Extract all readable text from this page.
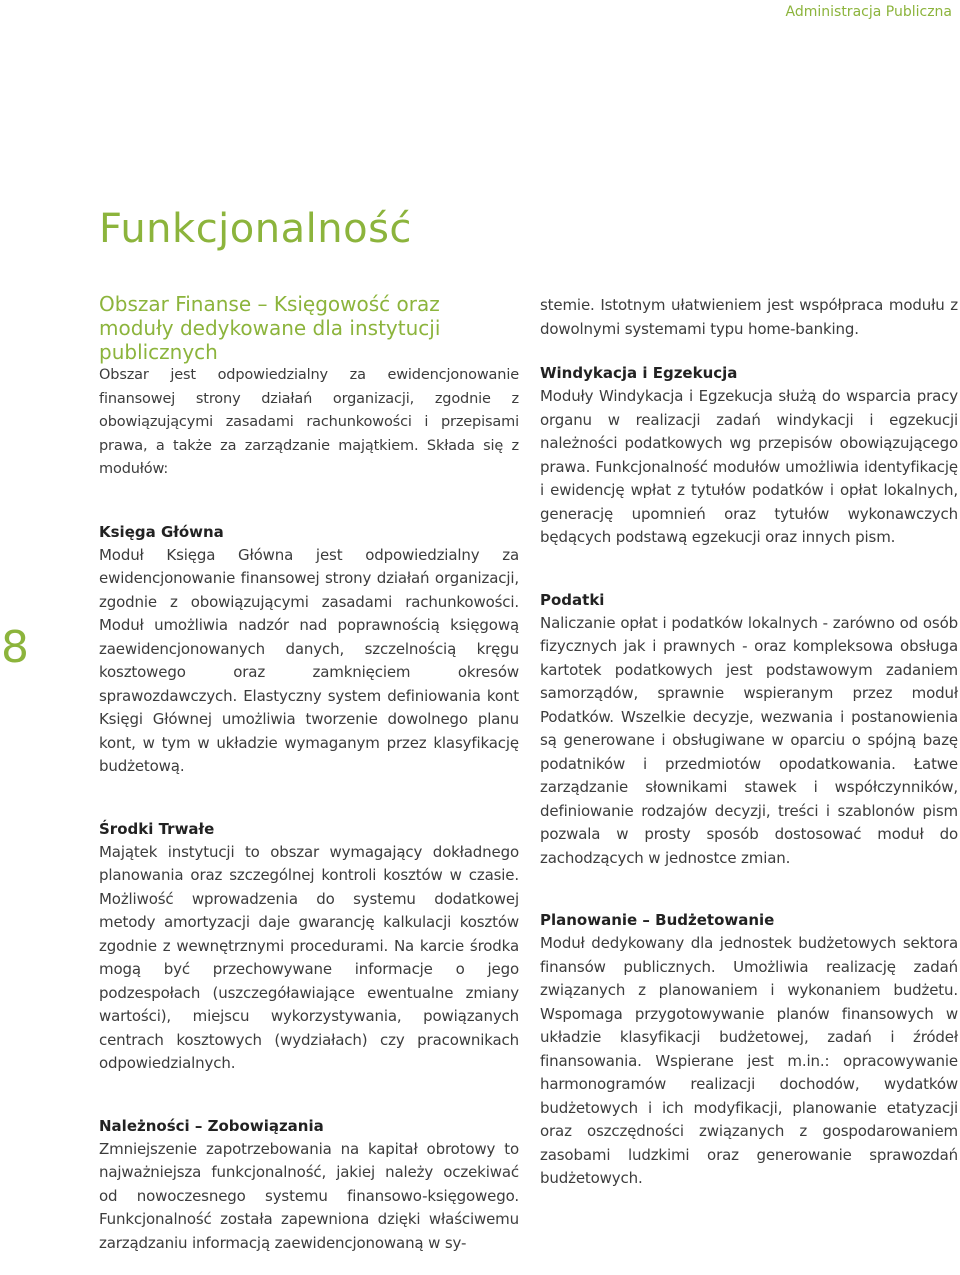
Administracja Publiczna
8
Funkcjonalność
Obszar Finanse – Księgowość oraz moduły dedykowane dla instytucji publicznych

Obszar jest odpowiedzialny za ewidencjonowanie finansowej strony działań organizacji, zgodnie z obowiązującymi zasadami rachunkowości i przepisami prawa, a także za zarządzanie majątkiem. Składa się z modułów:

Księga Główna

Moduł Księga Główna jest odpowiedzialny za ewidencjonowanie finansowej strony działań organizacji, zgodnie z obowiązującymi zasadami rachunkowości. Moduł umożliwia nadzór nad poprawnością księgową zaewidencjonowanych danych, szczelnością kręgu kosztowego oraz zamknięciem okresów sprawozdawczych. Elastyczny system definiowania kont Księgi Głównej umożliwia tworzenie dowolnego planu kont, w tym w układzie wymaganym przez klasyfikację budżetową.

Środki Trwałe

Majątek instytucji to obszar wymagający dokładnego planowania oraz szczególnej kontroli kosztów w czasie. Możliwość wprowadzenia do systemu dodatkowej metody amortyzacji daje gwarancję kalkulacji kosztów zgodnie z wewnętrznymi procedurami. Na karcie środka mogą być przechowywane informacje o jego podzespołach (uszczegóławiające ewentualne zmiany wartości), miejscu wykorzystywania, powiązanych centrach kosztowych (wydziałach) czy pracownikach odpowiedzialnych.

Należności – Zobowiązania

Zmniejszenie zapotrzebowania na kapitał obrotowy to najważniejsza funkcjonalność, jakiej należy oczekiwać od nowoczesnego systemu finansowo-księgowego. Funkcjonalność została zapewniona dzięki właściwemu zarządzaniu informacją zaewidencjonowaną w sy-

stemie. Istotnym ułatwieniem jest współpraca modułu z dowolnymi systemami typu home-banking.

Windykacja i Egzekucja

Moduły Windykacja i Egzekucja służą do wsparcia pracy organu w realizacji zadań windykacji i egzekucji należności podatkowych wg przepisów obowiązującego prawa. Funkcjonalność modułów umożliwia identyfikację i ewidencję wpłat z tytułów podatków i opłat lokalnych, generację upomnień oraz tytułów wykonawczych będących podstawą egzekucji oraz innych pism.

Podatki

Naliczanie opłat i podatków lokalnych - zarówno od osób fizycznych jak i prawnych - oraz kompleksowa obsługa kartotek podatkowych jest podstawowym zadaniem samorządów, sprawnie wspieranym przez moduł Podatków. Wszelkie decyzje, wezwania i postanowienia są generowane i obsługiwane w oparciu o spójną bazę podatników i przedmiotów opodatkowania. Łatwe zarządzanie słownikami stawek i współczynników, definiowanie rodzajów decyzji, treści i szablonów pism pozwala w prosty sposób dostosować moduł do zachodzących w jednostce zmian.

Planowanie – Budżetowanie

Moduł dedykowany dla jednostek budżetowych sektora finansów publicznych. Umożliwia realizację zadań związanych z planowaniem i wykonaniem budżetu. Wspomaga przygotowywanie planów finansowych w układzie klasyfikacji budżetowej, zadań i źródeł finansowania. Wspierane jest m.in.: opracowywanie harmonogramów realizacji dochodów, wydatków budżetowych i ich modyfikacji, planowanie etatyzacji oraz oszczędności związanych z gospodarowaniem zasobami ludzkimi oraz generowanie sprawozdań budżetowych.
